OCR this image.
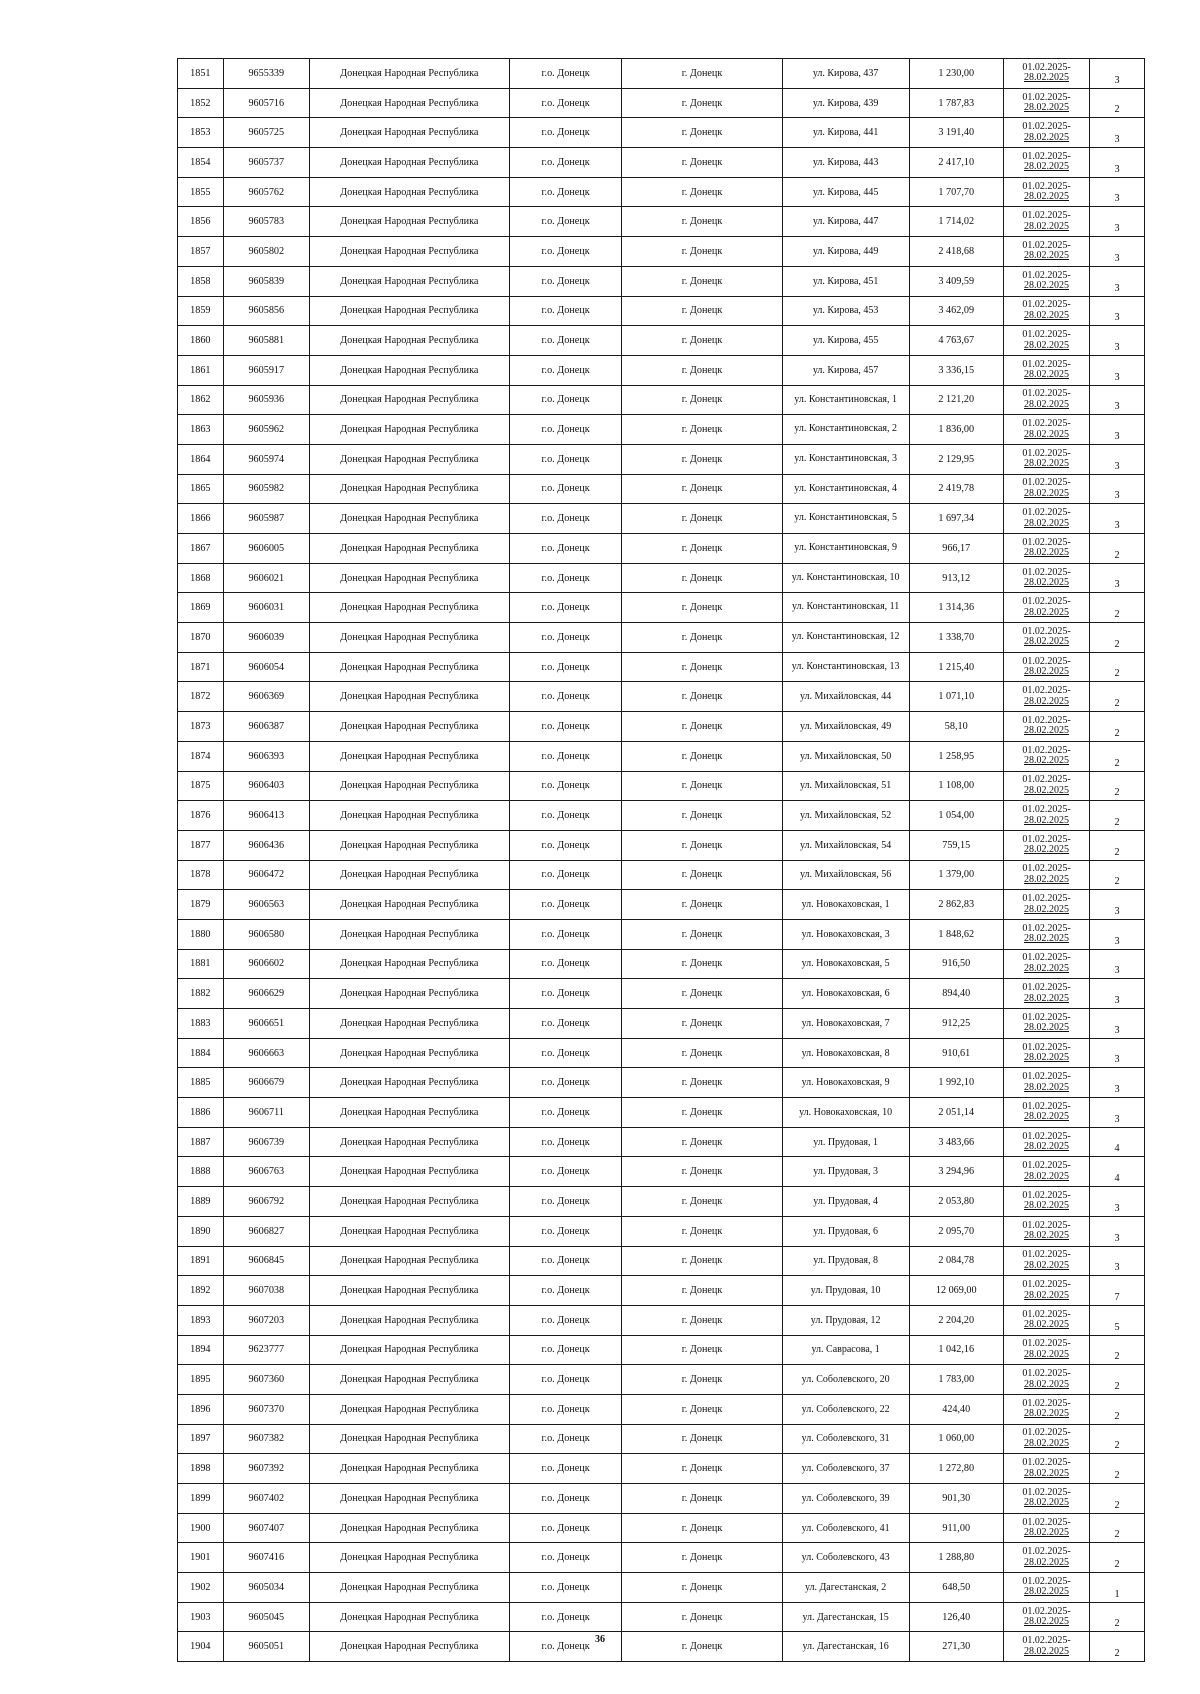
1851	9655339	Донецкая Народная Республика	г.о. Донецк	г. Донецк	ул. Кирова, 437	1 230,00	01.02.2025-
28.02.2025	3
1852	9605716	Донецкая Народная Республика	г.о. Донецк	г. Донецк	ул. Кирова, 439	1 787,83	01.02.2025-
28.02.2025	2
1853	9605725	Донецкая Народная Республика	г.о. Донецк	г. Донецк	ул. Кирова, 441	3 191,40	01.02.2025-
28.02.2025	3
1854	9605737	Донецкая Народная Республика	г.о. Донецк	г. Донецк	ул. Кирова, 443	2 417,10	01.02.2025-
28.02.2025	3
1855	9605762	Донецкая Народная Республика	г.о. Донецк	г. Донецк	ул. Кирова, 445	1 707,70	01.02.2025-
28.02.2025	3
1856	9605783	Донецкая Народная Республика	г.о. Донецк	г. Донецк	ул. Кирова, 447	1 714,02	01.02.2025-
28.02.2025	3
1857	9605802	Донецкая Народная Республика	г.о. Донецк	г. Донецк	ул. Кирова, 449	2 418,68	01.02.2025-
28.02.2025	3
1858	9605839	Донецкая Народная Республика	г.о. Донецк	г. Донецк	ул. Кирова, 451	3 409,59	01.02.2025-
28.02.2025	3
1859	9605856	Донецкая Народная Республика	г.о. Донецк	г. Донецк	ул. Кирова, 453	3 462,09	01.02.2025-
28.02.2025	3
1860	9605881	Донецкая Народная Республика	г.о. Донецк	г. Донецк	ул. Кирова, 455	4 763,67	01.02.2025-
28.02.2025	3
1861	9605917	Донецкая Народная Республика	г.о. Донецк	г. Донецк	ул. Кирова, 457	3 336,15	01.02.2025-
28.02.2025	3
1862	9605936	Донецкая Народная Республика	г.о. Донецк	г. Донецк	ул. Константиновская, 1	2 121,20	01.02.2025-
28.02.2025	3
1863	9605962	Донецкая Народная Республика	г.о. Донецк	г. Донецк	ул. Константиновская, 2	1 836,00	01.02.2025-
28.02.2025	3
1864	9605974	Донецкая Народная Республика	г.о. Донецк	г. Донецк	ул. Константиновская, 3	2 129,95	01.02.2025-
28.02.2025	3
1865	9605982	Донецкая Народная Республика	г.о. Донецк	г. Донецк	ул. Константиновская, 4	2 419,78	01.02.2025-
28.02.2025	3
1866	9605987	Донецкая Народная Республика	г.о. Донецк	г. Донецк	ул. Константиновская, 5	1 697,34	01.02.2025-
28.02.2025	3
1867	9606005	Донецкая Народная Республика	г.о. Донецк	г. Донецк	ул. Константиновская, 9	966,17	01.02.2025-
28.02.2025	2
1868	9606021	Донецкая Народная Республика	г.о. Донецк	г. Донецк	ул. Константиновская, 10	913,12	01.02.2025-
28.02.2025	3
1869	9606031	Донецкая Народная Республика	г.о. Донецк	г. Донецк	ул. Константиновская, 11	1 314,36	01.02.2025-
28.02.2025	2
1870	9606039	Донецкая Народная Республика	г.о. Донецк	г. Донецк	ул. Константиновская, 12	1 338,70	01.02.2025-
28.02.2025	2
1871	9606054	Донецкая Народная Республика	г.о. Донецк	г. Донецк	ул. Константиновская, 13	1 215,40	01.02.2025-
28.02.2025	2
1872	9606369	Донецкая Народная Республика	г.о. Донецк	г. Донецк	ул. Михайловская, 44	1 071,10	01.02.2025-
28.02.2025	2
1873	9606387	Донецкая Народная Республика	г.о. Донецк	г. Донецк	ул. Михайловская, 49	58,10	01.02.2025-
28.02.2025	2
1874	9606393	Донецкая Народная Республика	г.о. Донецк	г. Донецк	ул. Михайловская, 50	1 258,95	01.02.2025-
28.02.2025	2
1875	9606403	Донецкая Народная Республика	г.о. Донецк	г. Донецк	ул. Михайловская, 51	1 108,00	01.02.2025-
28.02.2025	2
1876	9606413	Донецкая Народная Республика	г.о. Донецк	г. Донецк	ул. Михайловская, 52	1 054,00	01.02.2025-
28.02.2025	2
1877	9606436	Донецкая Народная Республика	г.о. Донецк	г. Донецк	ул. Михайловская, 54	759,15	01.02.2025-
28.02.2025	2
1878	9606472	Донецкая Народная Республика	г.о. Донецк	г. Донецк	ул. Михайловская, 56	1 379,00	01.02.2025-
28.02.2025	2
1879	9606563	Донецкая Народная Республика	г.о. Донецк	г. Донецк	ул. Новокаховская, 1	2 862,83	01.02.2025-
28.02.2025	3
1880	9606580	Донецкая Народная Республика	г.о. Донецк	г. Донецк	ул. Новокаховская, 3	1 848,62	01.02.2025-
28.02.2025	3
1881	9606602	Донецкая Народная Республика	г.о. Донецк	г. Донецк	ул. Новокаховская, 5	916,50	01.02.2025-
28.02.2025	3
1882	9606629	Донецкая Народная Республика	г.о. Донецк	г. Донецк	ул. Новокаховская, 6	894,40	01.02.2025-
28.02.2025	3
1883	9606651	Донецкая Народная Республика	г.о. Донецк	г. Донецк	ул. Новокаховская, 7	912,25	01.02.2025-
28.02.2025	3
1884	9606663	Донецкая Народная Республика	г.о. Донецк	г. Донецк	ул. Новокаховская, 8	910,61	01.02.2025-
28.02.2025	3
1885	9606679	Донецкая Народная Республика	г.о. Донецк	г. Донецк	ул. Новокаховская, 9	1 992,10	01.02.2025-
28.02.2025	3
1886	9606711	Донецкая Народная Республика	г.о. Донецк	г. Донецк	ул. Новокаховская, 10	2 051,14	01.02.2025-
28.02.2025	3
1887	9606739	Донецкая Народная Республика	г.о. Донецк	г. Донецк	ул. Прудовая, 1	3 483,66	01.02.2025-
28.02.2025	4
1888	9606763	Донецкая Народная Республика	г.о. Донецк	г. Донецк	ул. Прудовая, 3	3 294,96	01.02.2025-
28.02.2025	4
1889	9606792	Донецкая Народная Республика	г.о. Донецк	г. Донецк	ул. Прудовая, 4	2 053,80	01.02.2025-
28.02.2025	3
1890	9606827	Донецкая Народная Республика	г.о. Донецк	г. Донецк	ул. Прудовая, 6	2 095,70	01.02.2025-
28.02.2025	3
1891	9606845	Донецкая Народная Республика	г.о. Донецк	г. Донецк	ул. Прудовая, 8	2 084,78	01.02.2025-
28.02.2025	3
1892	9607038	Донецкая Народная Республика	г.о. Донецк	г. Донецк	ул. Прудовая, 10	12 069,00	01.02.2025-
28.02.2025	7
1893	9607203	Донецкая Народная Республика	г.о. Донецк	г. Донецк	ул. Прудовая, 12	2 204,20	01.02.2025-
28.02.2025	5
1894	9623777	Донецкая Народная Республика	г.о. Донецк	г. Донецк	ул. Саврасова, 1	1 042,16	01.02.2025-
28.02.2025	2
1895	9607360	Донецкая Народная Республика	г.о. Донецк	г. Донецк	ул. Соболевского, 20	1 783,00	01.02.2025-
28.02.2025	2
1896	9607370	Донецкая Народная Республика	г.о. Донецк	г. Донецк	ул. Соболевского, 22	424,40	01.02.2025-
28.02.2025	2
1897	9607382	Донецкая Народная Республика	г.о. Донецк	г. Донецк	ул. Соболевского, 31	1 060,00	01.02.2025-
28.02.2025	2
1898	9607392	Донецкая Народная Республика	г.о. Донецк	г. Донецк	ул. Соболевского, 37	1 272,80	01.02.2025-
28.02.2025	2
1899	9607402	Донецкая Народная Республика	г.о. Донецк	г. Донецк	ул. Соболевского, 39	901,30	01.02.2025-
28.02.2025	2
1900	9607407	Донецкая Народная Республика	г.о. Донецк	г. Донецк	ул. Соболевского, 41	911,00	01.02.2025-
28.02.2025	2
1901	9607416	Донецкая Народная Республика	г.о. Донецк	г. Донецк	ул. Соболевского, 43	1 288,80	01.02.2025-
28.02.2025	2
1902	9605034	Донецкая Народная Республика	г.о. Донецк	г. Донецк	ул. Дагестанская, 2	648,50	01.02.2025-
28.02.2025	1
1903	9605045	Донецкая Народная Республика	г.о. Донецк	г. Донецк	ул. Дагестанская, 15	126,40	01.02.2025-
28.02.2025	2
1904	9605051	Донецкая Народная Республика	г.о. Донецк	г. Донецк	ул. Дагестанская, 16	271,30	01.02.2025-
28.02.2025	2
36
